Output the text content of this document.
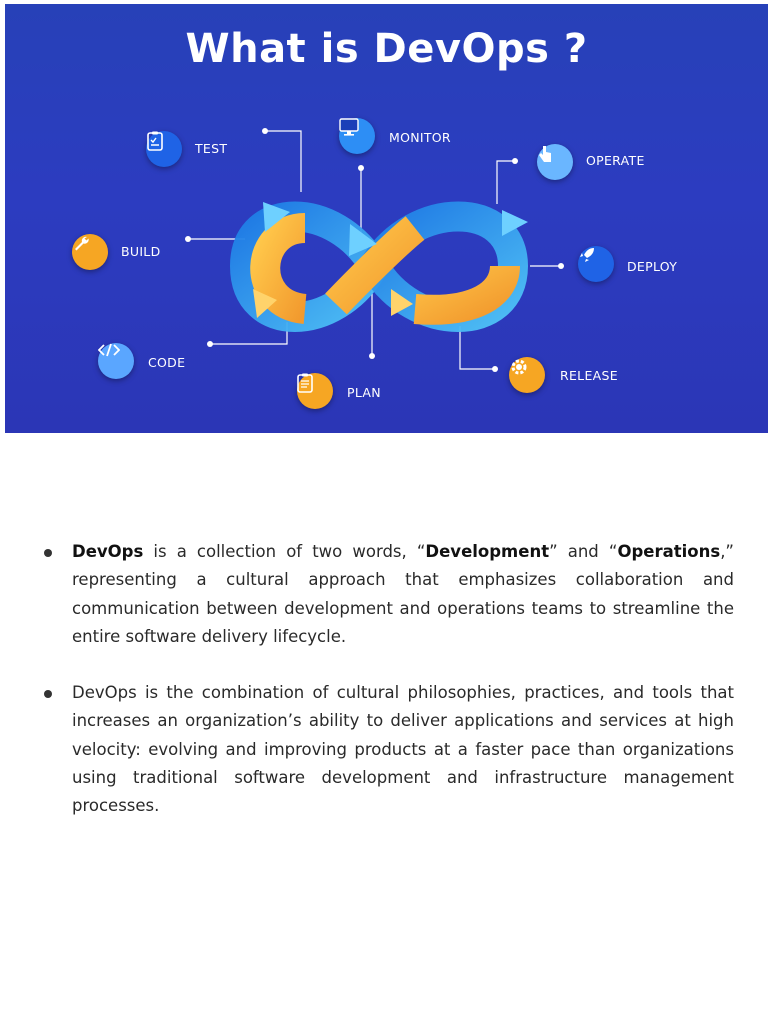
What is DevOps ?
TEST
MONITOR
OPERATE
BUILD
DEPLOY
CODE
PLAN
RELEASE
DevOps is a collection of two words, “Development” and “Operations,” representing a cultural approach that emphasizes collaboration and communication between development and operations teams to streamline the entire software delivery lifecycle.
DevOps is the combination of cultural philosophies, practices, and tools that increases an organization’s ability to deliver applications and services at high velocity: evolving and improving products at a faster pace than organizations using traditional software development and infrastructure management processes.
